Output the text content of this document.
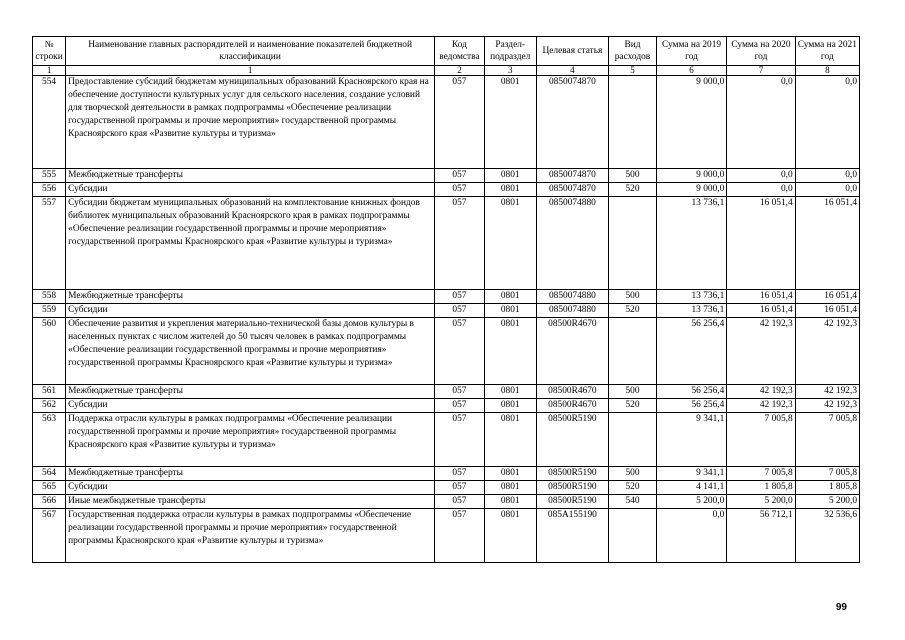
№ строки	Наименование главных распорядителей и наименование показателей бюджетной классификации	Код ведомства	Раздел- подраздел	Целевая статья	Вид расходов	Сумма на 2019 год	Сумма на 2020 год	Сумма на 2021 год
1	1	2	3	4	5	6	7	8
554	Предоставление субсидий бюджетам муниципальных образований Красноярского края на обеспечение доступности культурных услуг для сельского населения, создание условий для творческой деятельности в рамках подпрограммы «Обеспечение реализации государственной программы и прочие мероприятия» государственной программы Красноярского края «Развитие культуры и туризма»	057	0801	0850074870		9 000,0	0,0	0,0
555	Межбюджетные трансферты	057	0801	0850074870	500	9 000,0	0,0	0,0
556	Субсидии	057	0801	0850074870	520	9 000,0	0,0	0,0
557	Субсидии бюджетам муниципальных образований на комплектование книжных фондов библиотек муниципальных образований Красноярского края в рамках подпрограммы «Обеспечение реализации государственной программы и прочие мероприятия» государственной программы Красноярского края «Развитие культуры и туризма»	057	0801	0850074880		13 736,1	16 051,4	16 051,4
558	Межбюджетные трансферты	057	0801	0850074880	500	13 736,1	16 051,4	16 051,4
559	Субсидии	057	0801	0850074880	520	13 736,1	16 051,4	16 051,4
560	Обеспечение развития и укрепления материально-технической базы домов культуры в населенных пунктах с числом жителей до 50 тысяч человек в рамках подпрограммы «Обеспечение реализации государственной программы и прочие мероприятия» государственной программы Красноярского края «Развитие культуры и туризма»	057	0801	08500R4670		56 256,4	42 192,3	42 192,3
561	Межбюджетные трансферты	057	0801	08500R4670	500	56 256,4	42 192,3	42 192,3
562	Субсидии	057	0801	08500R4670	520	56 256,4	42 192,3	42 192,3
563	Поддержка отрасли культуры в рамках подпрограммы «Обеспечение реализации государственной программы и прочие мероприятия» государственной программы Красноярского края «Развитие культуры и туризма»	057	0801	08500R5190		9 341,1	7 005,8	7 005,8
564	Межбюджетные трансферты	057	0801	08500R5190	500	9 341,1	7 005,8	7 005,8
565	Субсидии	057	0801	08500R5190	520	4 141,1	1 805,8	1 805,8
566	Иные межбюджетные трансферты	057	0801	08500R5190	540	5 200,0	5 200,0	5 200,0
567	Государственная поддержка отрасли культуры в рамках подпрограммы «Обеспечение реализации государственной программы и прочие мероприятия» государственной программы Красноярского края «Развитие культуры и туризма»	057	0801	085A155190		0,0	56 712,1	32 536,6
99
